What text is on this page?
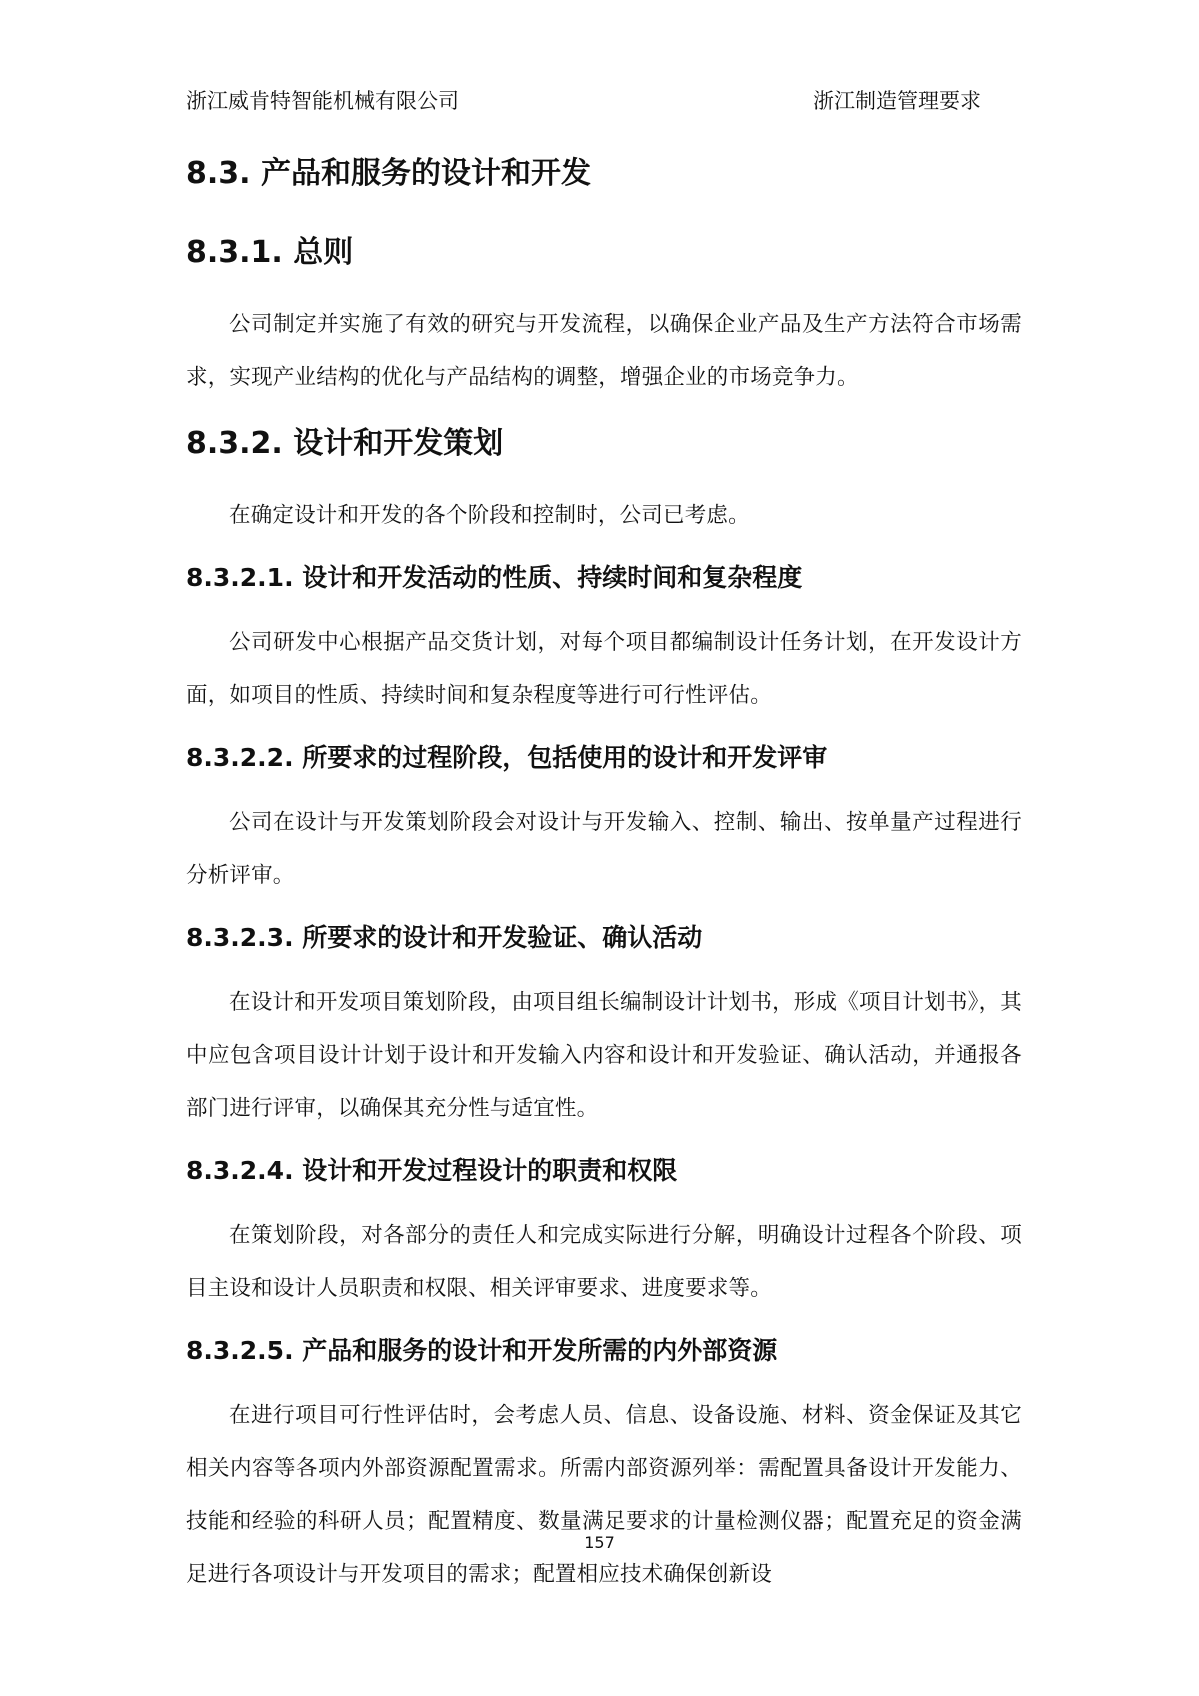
浙江威肯特智能机械有限公司	浙江制造管理要求
8.3. 产品和服务的设计和开发
8.3.1. 总则

公司制定并实施了有效的研究与开发流程，以确保企业产品及生产方法符合市场需求，实现产业结构的优化与产品结构的调整，增强企业的市场竞争力。

8.3.2. 设计和开发策划

在确定设计和开发的各个阶段和控制时，公司已考虑。

8.3.2.1. 设计和开发活动的性质、持续时间和复杂程度

公司研发中心根据产品交货计划，对每个项目都编制设计任务计划，在开发设计方面，如项目的性质、持续时间和复杂程度等进行可行性评估。

8.3.2.2. 所要求的过程阶段，包括使用的设计和开发评审

公司在设计与开发策划阶段会对设计与开发输入、控制、输出、按单量产过程进行分析评审。

8.3.2.3. 所要求的设计和开发验证、确认活动

在设计和开发项目策划阶段，由项目组长编制设计计划书，形成《项目计划书》，其中应包含项目设计计划于设计和开发输入内容和设计和开发验证、确认活动，并通报各部门进行评审，以确保其充分性与适宜性。

8.3.2.4. 设计和开发过程设计的职责和权限

在策划阶段，对各部分的责任人和完成实际进行分解，明确设计过程各个阶段、项目主设和设计人员职责和权限、相关评审要求、进度要求等。

8.3.2.5. 产品和服务的设计和开发所需的内外部资源

在进行项目可行性评估时，会考虑人员、信息、设备设施、材料、资金保证及其它相关内容等各项内外部资源配置需求。所需内部资源列举：需配置具备设计开发能力、技能和经验的科研人员；配置精度、数量满足要求的计量检测仪器；配置充足的资金满足进行各项设计与开发项目的需求；配置相应技术确保创新设

157
